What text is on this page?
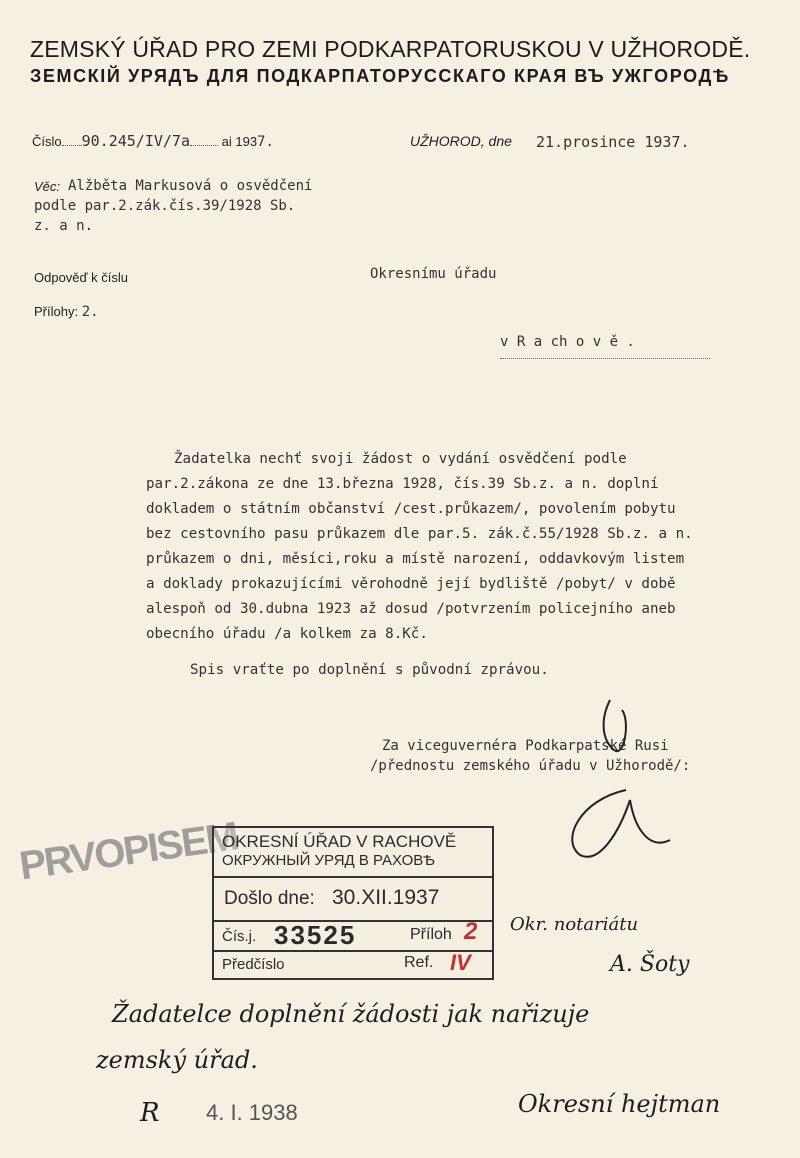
ZEMSKÝ ÚŘAD PRO ZEMI PODKARPATORUSKOU V UŽHORODĚ.
ЗЕМСКІЙ УРЯДЪ ДЛЯ ПОДКАРПАТОРУССКАГО КРАЯ ВЪ УЖГОРОДѢ
Číslo 90.245/IV/7a ai 1937.	UŽHOROD, dne 21.prosince 1937.
Věc: Alžběta Markusová o osvědčení
podle par.2.zák.čís.39/1928 Sb.
z. a n.
Odpověď k číslu
Přílohy: 2.
Okresnímu úřadu
v R a ch o v ě .
Žadatelka nechť svoji žádost o vydání osvědčení podle
par.2.zákona ze dne 13.března 1928, čís.39 Sb.z. a n. doplní
dokladem o státním občanství /cest.průkazem/, povolením pobytu
bez cestovního pasu průkazem dle par.5. zák.č.55/1928 Sb.z. a n.
průkazem o dni, měsíci,roku a místě narození, oddavkovým listem
a doklady prokazujícími věrohodně její bydliště /pobyt/ v době
alespoň od 30.dubna 1923 až dosud /potvrzením policejního aneb
obecního úřadu /a kolkem za 8.Kč.
Spis vraťte po doplnění s původní zprávou.
Za viceguvernéra Podkarpatské Rusi
/přednostu zemského úřadu v Užhorodě/:
PRVOPISEM
OKRESNÍ ÚŘAD V RACHOVĚ
ОКРУЖНЫЙ УРЯД В РАХОВѢ
Došlo dne: 30.XII.1937
Čís.j. 33525	Příloh 2
Předčíslo	Ref. IV
Okr. notariátu
A. Šoty
Žadatelce doplnění žádosti jak nařizuje
zemský úřad.
R 4. I. 1938	Okresní hejtman
